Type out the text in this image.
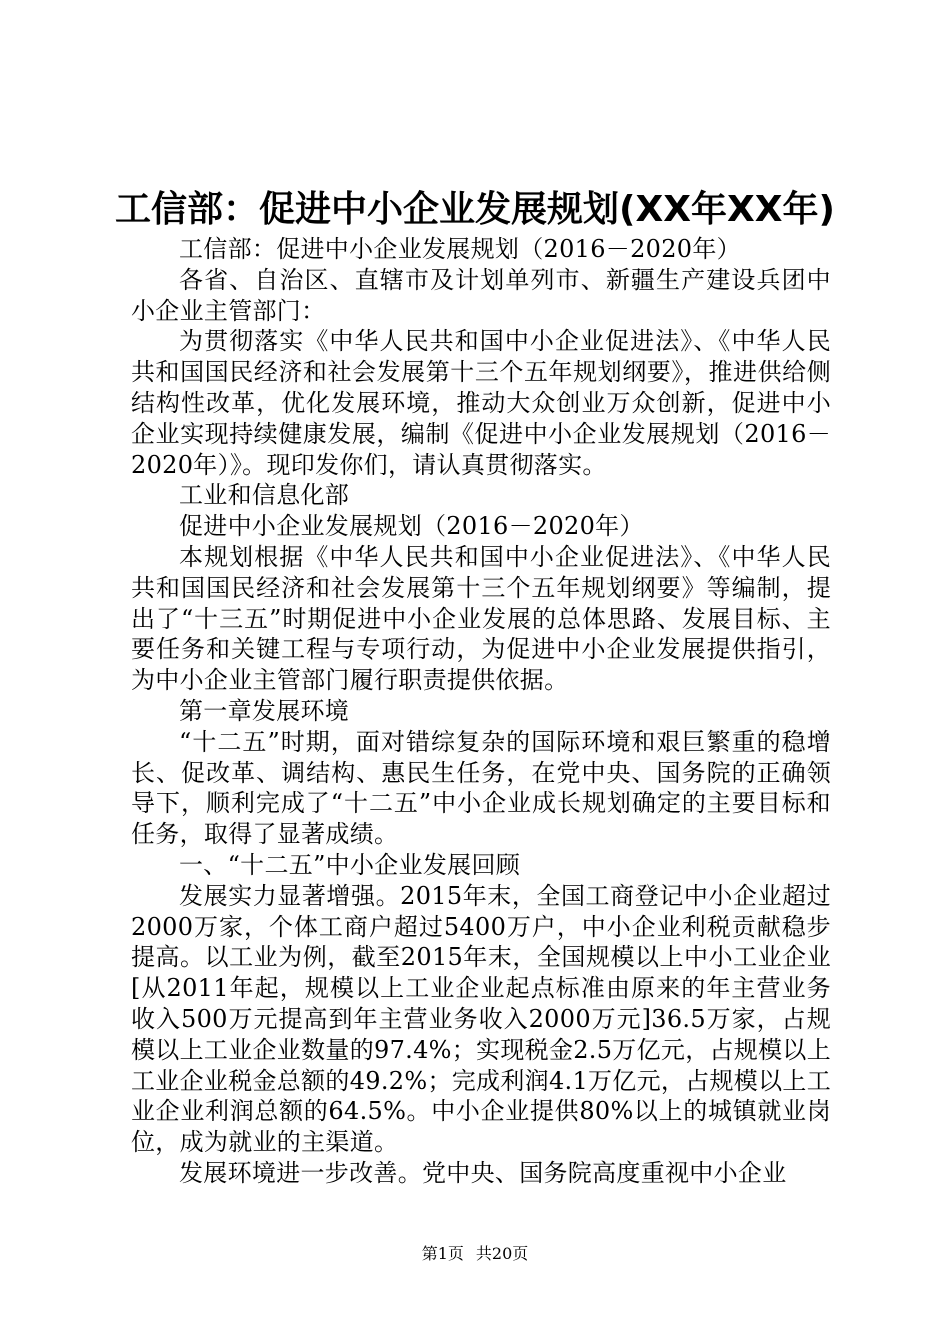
工信部：促进中小企业发展规划(XX年XX年)

工信部：促进中小企业发展规划（2016－2020年）

各省、自治区、直辖市及计划单列市、新疆生产建设兵团中小企业主管部门：

为贯彻落实《中华人民共和国中小企业促进法》、《中华人民共和国国民经济和社会发展第十三个五年规划纲要》，推进供给侧结构性改革，优化发展环境，推动大众创业万众创新，促进中小企业实现持续健康发展，编制《促进中小企业发展规划（2016－2020年）》。现印发你们，请认真贯彻落实。

工业和信息化部

促进中小企业发展规划（2016－2020年）

本规划根据《中华人民共和国中小企业促进法》、《中华人民共和国国民经济和社会发展第十三个五年规划纲要》等编制，提出了“十三五”时期促进中小企业发展的总体思路、发展目标、主要任务和关键工程与专项行动，为促进中小企业发展提供指引，为中小企业主管部门履行职责提供依据。

第一章发展环境

“十二五”时期，面对错综复杂的国际环境和艰巨繁重的稳增长、促改革、调结构、惠民生任务，在党中央、国务院的正确领导下，顺利完成了“十二五”中小企业成长规划确定的主要目标和任务，取得了显著成绩。

一、“十二五”中小企业发展回顾

发展实力显著增强。2015年末，全国工商登记中小企业超过2000万家，个体工商户超过5400万户，中小企业利税贡献稳步提高。以工业为例，截至2015年末，全国规模以上中小工业企业[从2011年起，规模以上工业企业起点标准由原来的年主营业务收入500万元提高到年主营业务收入2000万元]36.5万家，占规模以上工业企业数量的97.4%；实现税金2.5万亿元，占规模以上工业企业税金总额的49.2%；完成利润4.1万亿元，占规模以上工业企业利润总额的64.5%。中小企业提供80%以上的城镇就业岗位，成为就业的主渠道。

发展环境进一步改善。党中央、国务院高度重视中小企业

第1页 共20页
